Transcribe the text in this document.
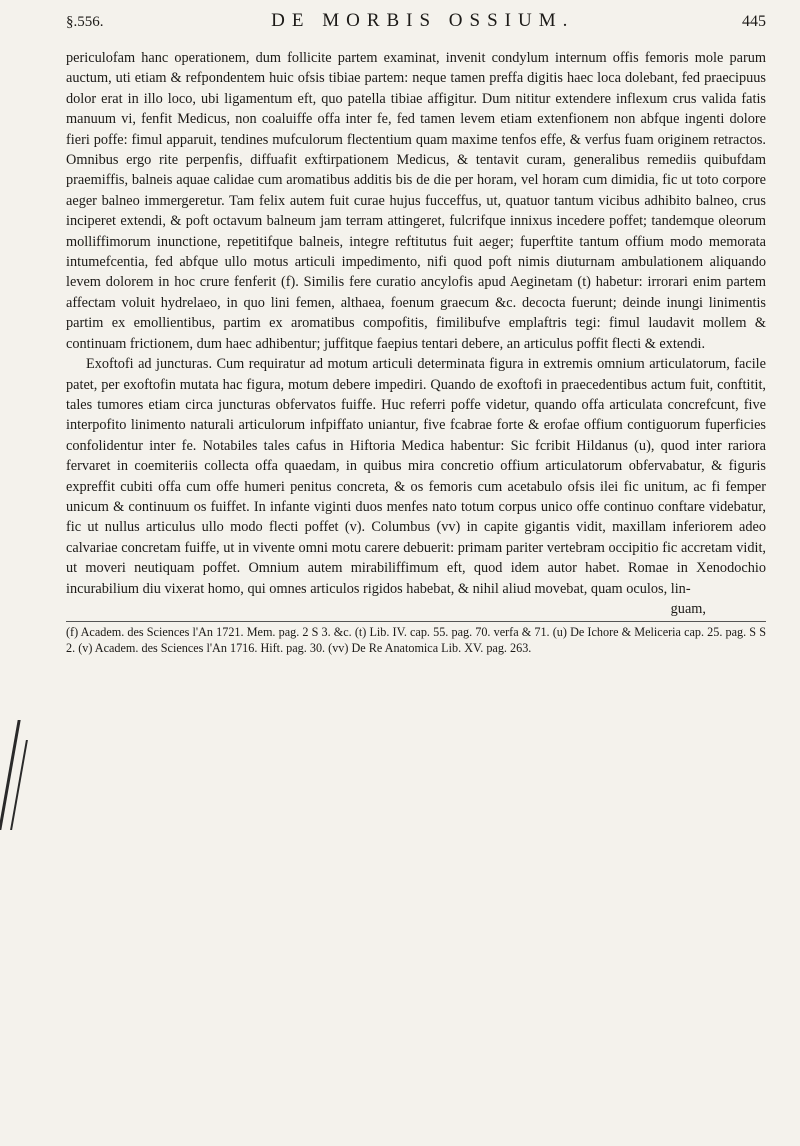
§.556.	DE MORBIS OSSIUM.	445

periculofam hanc operationem, dum follicite partem examinat, invenit condylum internum offis femoris mole parum auctum, uti etiam & refpondentem huic ofsis tibiae partem: neque tamen preffa digitis haec loca dolebant, fed praecipuus dolor erat in illo loco, ubi ligamentum eft, quo patella tibiae affigitur. Dum nititur extendere inflexum crus valida fatis manuum vi, fenfit Medicus, non coaluiffe offa inter fe, fed tamen levem etiam extenfionem non abfque ingenti dolore fieri poffe: fimul apparuit, tendines mufculorum flectentium quam maxime tenfos effe, & verfus fuam originem retractos. Omnibus ergo rite perpenfis, diffuafit exftirpationem Medicus, & tentavit curam, generalibus remediis quibufdam praemiffis, balneis aquae calidae cum aromatibus additis bis de die per horam, vel horam cum dimidia, fic ut toto corpore aeger balneo immergeretur. Tam felix autem fuit curae hujus fucceffus, ut, quatuor tantum vicibus adhibito balneo, crus inciperet extendi, & poft octavum balneum jam terram attingeret, fulcrifque innixus incedere poffet; tandemque oleorum molliffimorum inunctione, repetitifque balneis, integre reftitutus fuit aeger; fuperftite tantum offium modo memorata intumefcentia, fed abfque ullo motus articuli impedimento, nifi quod poft nimis diuturnam ambulationem aliquando levem dolorem in hoc crure fenferit (f). Similis fere curatio ancylofis apud Aeginetam (t) habetur: irrorari enim partem affectam voluit hydrelaeo, in quo lini femen, althaea, foenum graecum &c. decocta fuerunt; deinde inungi linimentis partim ex emollientibus, partim ex aromatibus compofitis, fimilibufve emplaftris tegi: fimul laudavit mollem & continuam frictionem, dum haec adhibentur; juffitque faepius tentari debere, an articulus poffit flecti & extendi.

Exoftofi ad juncturas. Cum requiratur ad motum articuli determinata figura in extremis omnium articulatorum, facile patet, per exoftofin mutata hac figura, motum debere impediri. Quando de exoftofi in praecedentibus actum fuit, conftitit, tales tumores etiam circa juncturas obfervatos fuiffe. Huc referri poffe videtur, quando offa articulata concrefcunt, five interpofito linimento naturali articulorum infpiffato uniantur, five fcabrae forte & erofae offium contiguorum fuperficies confolidentur inter fe. Notabiles tales cafus in Hiftoria Medica habentur: Sic fcribit Hildanus (u), quod inter rariora fervaret in coemiteriis collecta offa quaedam, in quibus mira concretio offium articulatorum obfervabatur, & figuris expreffit cubiti offa cum offe humeri penitus concreta, & os femoris cum acetabulo ofsis ilei fic unitum, ac fi femper unicum & continuum os fuiffet. In infante viginti duos menfes nato totum corpus unico offe continuo conftare videbatur, fic ut nullus articulus ullo modo flecti poffet (v). Columbus (vv) in capite gigantis vidit, maxillam inferiorem adeo calvariae concretam fuiffe, ut in vivente omni motu carere debuerit: primam pariter vertebram occipitio fic accretam vidit, ut moveri neutiquam poffet. Omnium autem mirabiliffimum eft, quod idem autor habet. Romae in Xenodochio incurabilium diu vixerat homo, qui omnes articulos rigidos habebat, & nihil aliud movebat, quam oculos, lin-

guam,

(f) Academ. des Sciences l'An 1721. Mem. pag. 2 S 3. &c. (t) Lib. IV. cap. 55. pag. 70. verfa & 71. (u) De Ichore & Meliceria cap. 25. pag. S S 2. (v) Academ. des Sciences l'An 1716. Hift. pag. 30. (vv) De Re Anatomica Lib. XV. pag. 263.
